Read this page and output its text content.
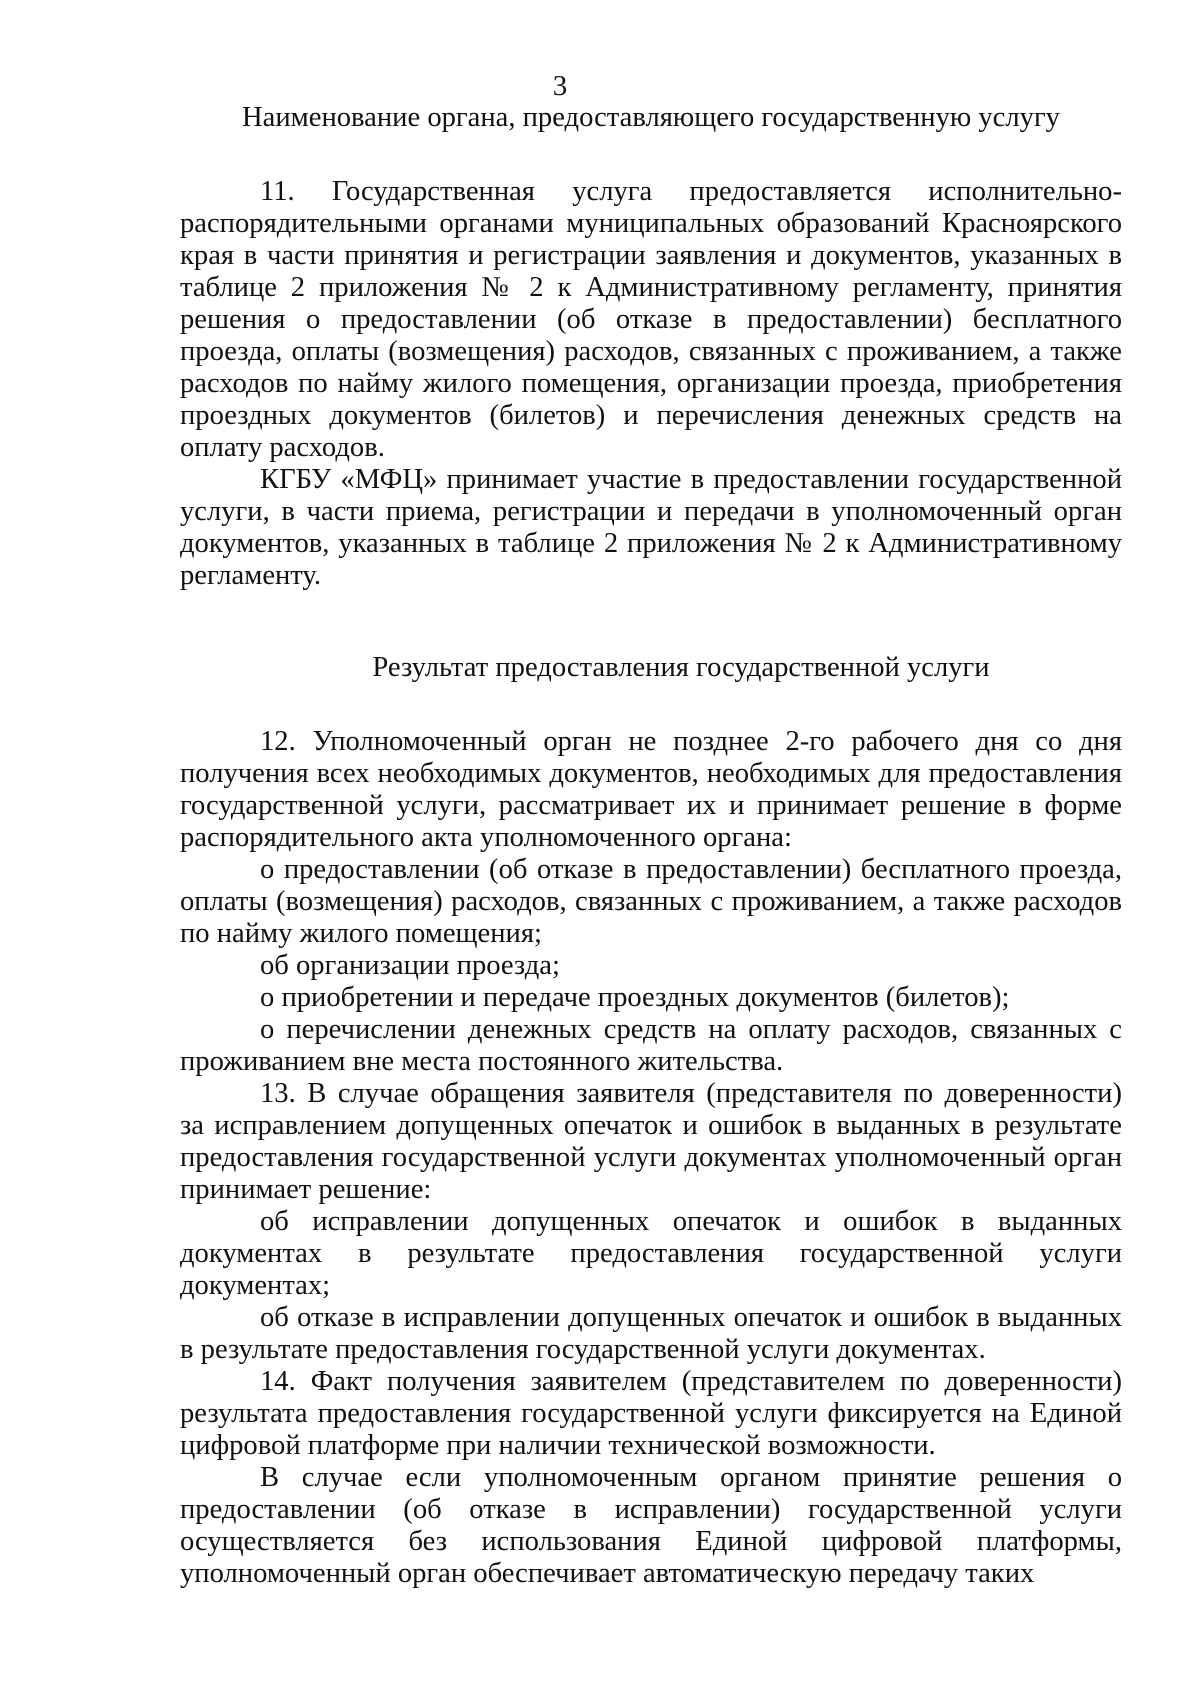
3

Наименование органа, предоставляющего государственную услугу

11. Государственная услуга предоставляется исполнительно-распорядительными органами муниципальных образований Красноярского края в части принятия и регистрации заявления и документов, указанных в таблице 2 приложения № 2 к Административному регламенту, принятия решения о предоставлении (об отказе в предоставлении) бесплатного проезда, оплаты (возмещения) расходов, связанных с проживанием, а также расходов по найму жилого помещения, организации проезда, приобретения проездных документов (билетов) и перечисления денежных средств на оплату расходов.

КГБУ «МФЦ» принимает участие в предоставлении государственной услуги, в части приема, регистрации и передачи в уполномоченный орган документов, указанных в таблице 2 приложения № 2 к Административному регламенту.

Результат предоставления государственной услуги

12. Уполномоченный орган не позднее 2-го рабочего дня со дня получения всех необходимых документов, необходимых для предоставления государственной услуги, рассматривает их и принимает решение в форме распорядительного акта уполномоченного органа:

о предоставлении (об отказе в предоставлении) бесплатного проезда, оплаты (возмещения) расходов, связанных с проживанием, а также расходов по найму жилого помещения;

об организации проезда;

о приобретении и передаче проездных документов (билетов);

о перечислении денежных средств на оплату расходов, связанных с проживанием вне места постоянного жительства.

13. В случае обращения заявителя (представителя по доверенности) за исправлением допущенных опечаток и ошибок в выданных в результате предоставления государственной услуги документах уполномоченный орган принимает решение:

об исправлении допущенных опечаток и ошибок в выданных документах в результате предоставления государственной услуги документах;

об отказе в исправлении допущенных опечаток и ошибок в выданных в результате предоставления государственной услуги документах.

14. Факт получения заявителем (представителем по доверенности) результата предоставления государственной услуги фиксируется на Единой цифровой платформе при наличии технической возможности.

В случае если уполномоченным органом принятие решения о предоставлении (об отказе в исправлении) государственной услуги осуществляется без использования Единой цифровой платформы, уполномоченный орган обеспечивает автоматическую передачу таких
